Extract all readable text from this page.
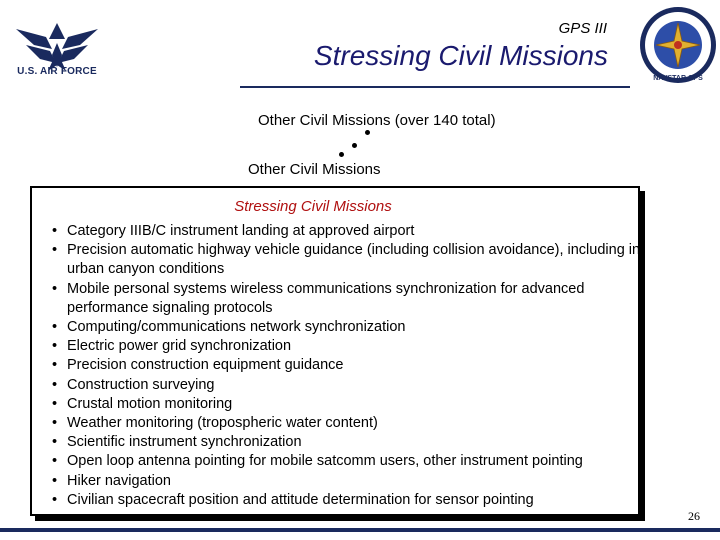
U.S. AIR FORCE
GPS III
Stressing Civil Missions
NAVSTAR GPS
Other Civil Missions (over 140 total)
Other Civil Missions
Stressing Civil Missions
• Category IIIB/C instrument landing at approved airport
• Precision automatic highway vehicle guidance (including collision avoidance), including in urban canyon conditions
• Mobile personal systems wireless communications synchronization for advanced performance signaling protocols
• Computing/communications network synchronization
• Electric power grid synchronization
• Precision construction equipment guidance
• Construction surveying
• Crustal motion monitoring
• Weather monitoring (tropospheric water content)
• Scientific instrument synchronization
• Open loop antenna pointing for mobile satcomm users, other instrument pointing
• Hiker navigation
• Civilian spacecraft position and attitude determination for sensor pointing
26
